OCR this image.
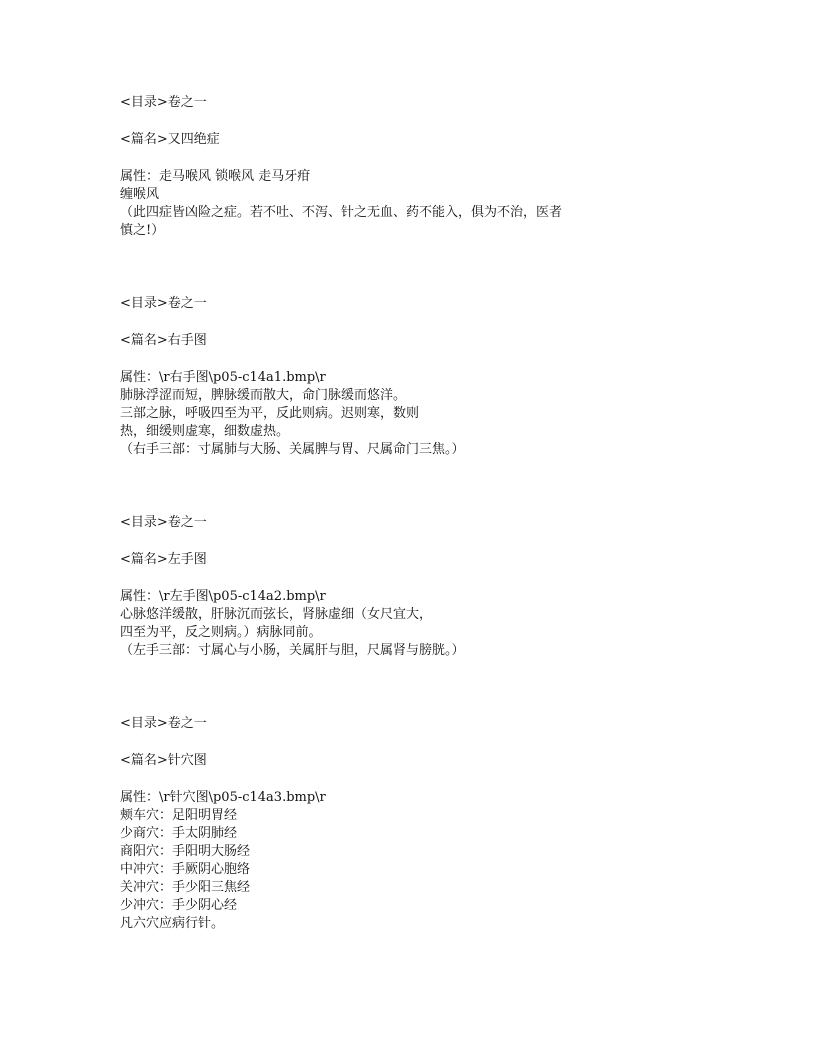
<目录>卷之一

<篇名>又四绝症

属性：走马喉风 锁喉风 走马牙疳

缠喉风

（此四症皆凶险之症。若不吐、不泻、针之无血、药不能入，俱为不治，医者

慎之!）

<目录>卷之一

<篇名>右手图

属性：\r右手图\p05-c14a1.bmp\r

肺脉浮涩而短，脾脉缓而散大，命门脉缓而悠洋。

三部之脉，呼吸四至为平，反此则病。迟则寒，数则

热，细缓则虚寒，细数虚热。

（右手三部：寸属肺与大肠、关属脾与胃、尺属命门三焦。）

<目录>卷之一

<篇名>左手图

属性：\r左手图\p05-c14a2.bmp\r

心脉悠洋缓散，肝脉沉而弦长，肾脉虚细（女尺宜大，

四至为平，反之则病。）病脉同前。

（左手三部：寸属心与小肠，关属肝与胆，尺属肾与膀胱。）

<目录>卷之一

<篇名>针穴图

属性：\r针穴图\p05-c14a3.bmp\r

颊车穴：足阳明胃经

少商穴：手太阴肺经

商阳穴：手阳明大肠经

中冲穴：手厥阴心胞络

关冲穴：手少阳三焦经

少冲穴：手少阴心经

凡六穴应病行针。
